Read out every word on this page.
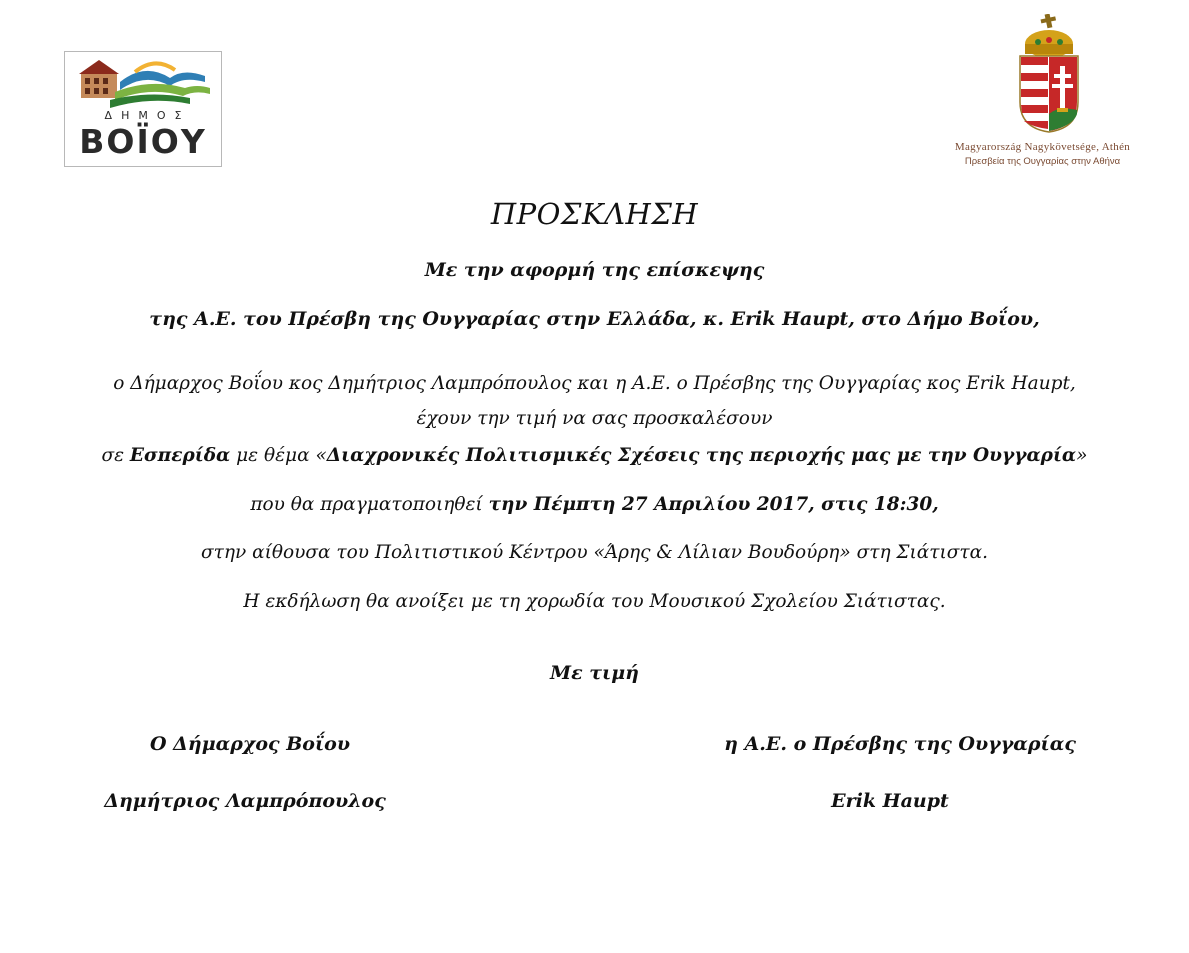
ΔΗΜΟΣ
ΒΟΪΟΥ	Magyarország Nagykövetsége, Athén
Πρεσβεία της Ουγγαρίας στην Αθήνα
ΠΡΟΣΚΛΗΣΗ
Με την αφορμή της επίσκεψης
της Α.Ε. του Πρέσβη της Ουγγαρίας στην Ελλάδα, κ. Erik Haupt, στο Δήμο Βοΐου,
ο Δήμαρχος Βοΐου κος Δημήτριος Λαμπρόπουλος και η Α.Ε. ο Πρέσβης της Ουγγαρίας κος Erik Haupt,
έχουν την τιμή να σας προσκαλέσουν
σε Εσπερίδα με θέμα «Διαχρονικές Πολιτισμικές Σχέσεις της περιοχής μας με την Ουγγαρία»
που θα πραγματοποιηθεί την Πέμπτη 27 Απριλίου 2017, στις 18:30,
στην αίθουσα του Πολιτιστικού Κέντρου «Άρης & Λίλιαν Βουδούρη» στη Σιάτιστα.
Η εκδήλωση θα ανοίξει με τη χορωδία του Μουσικού Σχολείου Σιάτιστας.
Με τιμή
Ο Δήμαρχος Βοΐου
Δημήτριος Λαμπρόπουλος
η Α.Ε. ο Πρέσβης της Ουγγαρίας
Erik Haupt
